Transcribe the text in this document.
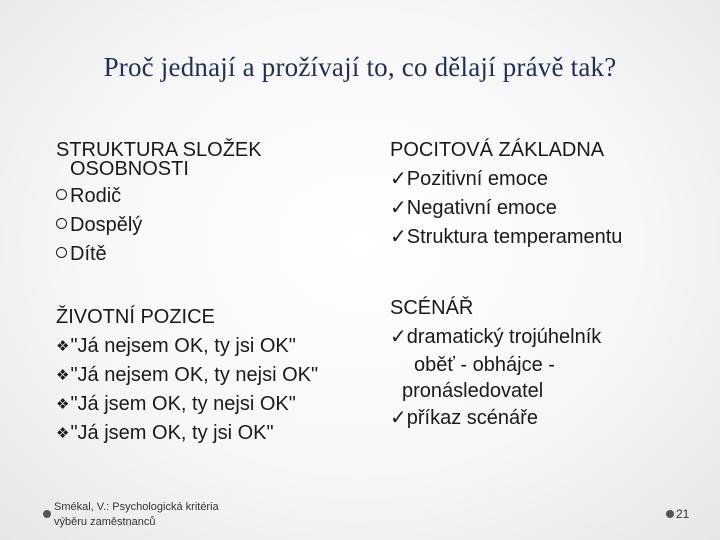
Proč jednají a prožívají to, co dělají právě tak?
STRUKTURA SLOŽEK
OSOBNOSTI
Rodič
Dospělý
Dítě
ŽIVOTNÍ POZICE
❖"Já nejsem OK, ty jsi OK"
❖"Já nejsem OK, ty nejsi OK"
❖"Já jsem OK, ty nejsi OK"
❖"Já jsem OK, ty jsi OK"
POCITOVÁ ZÁKLADNA
✓Pozitivní emoce
✓Negativní emoce
✓Struktura temperamentu
SCÉNÁŘ
✓dramatický trojúhelník
oběť - obhájce -
pronásledovatel
✓příkaz scénáře
Smékal, V.: Psychologická kritéria
výběru zaměstnanců
21
